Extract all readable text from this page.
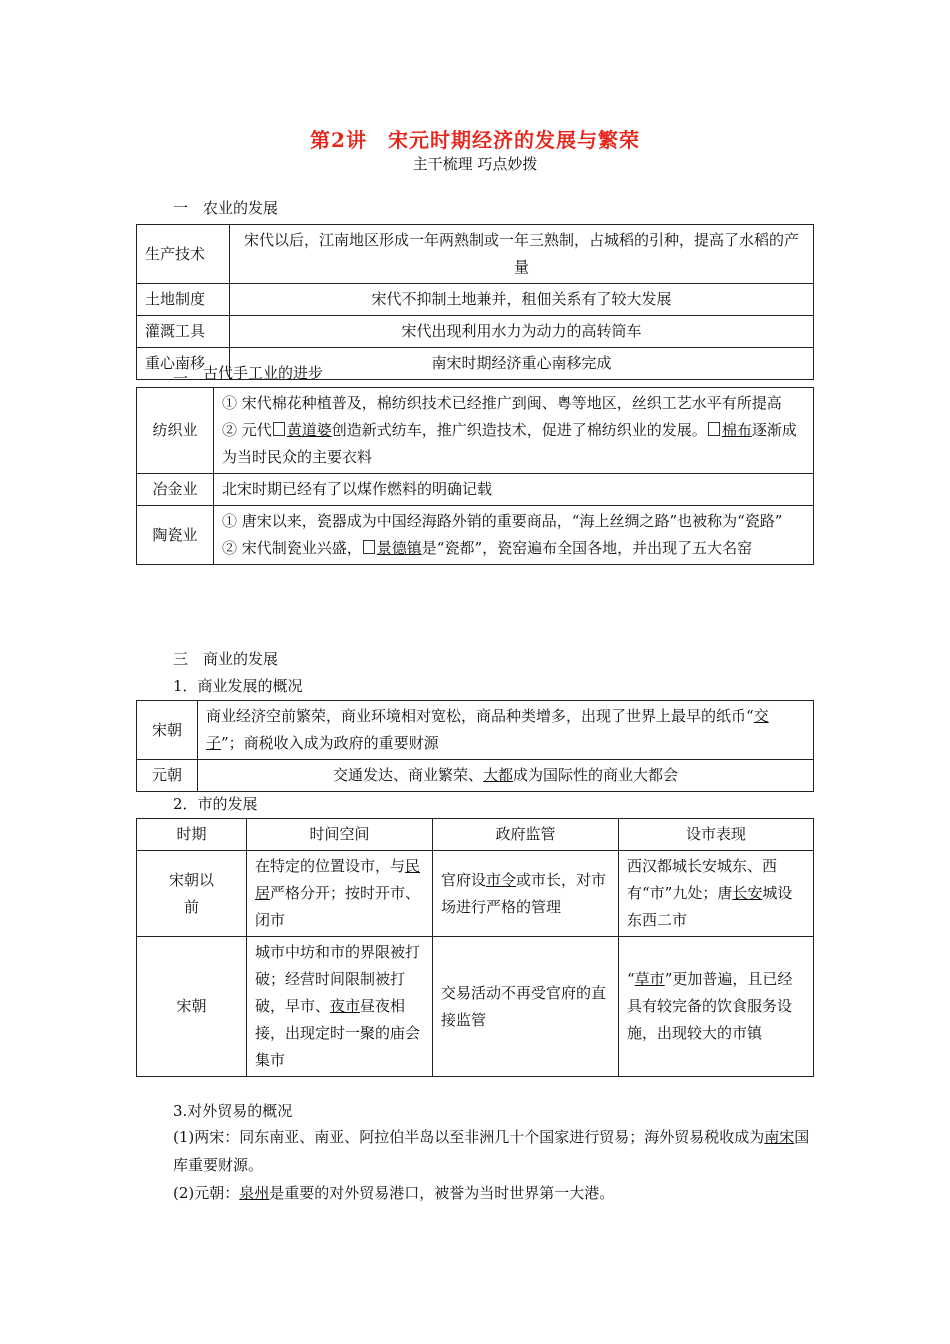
第2讲　宋元时期经济的发展与繁荣
主干梳理 巧点妙拨
一　农业的发展
生产技术	宋代以后，江南地区形成一年两熟制或一年三熟制，占城稻的引种，提高了水稻的产量
土地制度	宋代不抑制土地兼并，租佃关系有了较大发展
灌溉工具	宋代出现利用水力为动力的高转筒车
重心南移	南宋时期经济重心南移完成
二　古代手工业的进步
纺织业	① 宋代棉花种植普及，棉纺织技术已经推广到闽、粤等地区，丝织工艺水平有所提高
② 元代 黄道婆创造新式纺车，推广织造技术，促进了棉纺织业的发展。 棉布逐渐成为当时民众的主要衣料

冶金业	北宋时期已经有了以煤作燃料的明确记载
陶瓷业	① 唐宋以来，瓷器成为中国经海路外销的重要商品，“海上丝绸之路”也被称为“瓷路”
② 宋代制瓷业兴盛， 景德镇是“瓷都”，瓷窑遍布全国各地，并出现了五大名窑
三　商业的发展
1．商业发展的概况
宋朝	商业经济空前繁荣，商业环境相对宽松，商品种类增多，出现了世界上最早的纸币“交子”；商税收入成为政府的重要财源
元朝	交通发达、商业繁荣、大都成为国际性的商业大都会
2．市的发展
时期	时间空间	政府监管	设市表现
宋朝以前	在特定的位置设市，与民居严格分开；按时开市、闭市	官府设市令或市长，对市场进行严格的管理	西汉都城长安城东、西有“市”九处；唐长安城设东西二市
宋朝	城市中坊和市的界限被打破；经营时间限制被打破，早市、夜市昼夜相接，出现定时一聚的庙会集市	交易活动不再受官府的直接监管	“草市”更加普遍，且已经具有较完备的饮食服务设施，出现较大的市镇
3.对外贸易的概况
(1)两宋：同东南亚、南亚、阿拉伯半岛以至非洲几十个国家进行贸易；海外贸易税收成为南宋国库重要财源。
(2)元朝：泉州是重要的对外贸易港口，被誉为当时世界第一大港。
